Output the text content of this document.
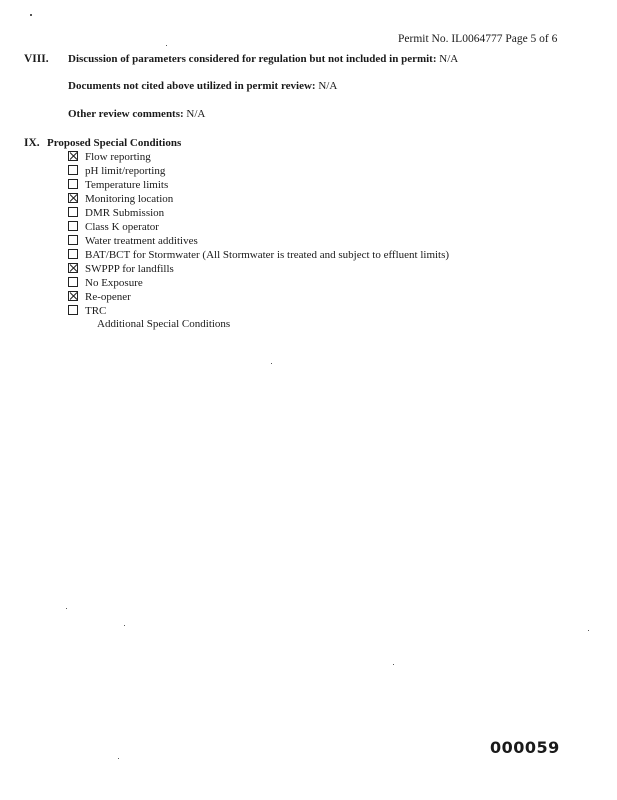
Permit No. IL0064777 Page 5 of 6
VIII. Discussion of parameters considered for regulation but not included in permit: N/A
Documents not cited above utilized in permit review: N/A
Other review comments: N/A
IX. Proposed Special Conditions
Flow reporting
pH limit/reporting
Temperature limits
Monitoring location
DMR Submission
Class K operator
Water treatment additives
BAT/BCT for Stormwater (All Stormwater is treated and subject to effluent limits)
SWPPP for landfills
No Exposure
Re-opener
TRC
Additional Special Conditions
000059
